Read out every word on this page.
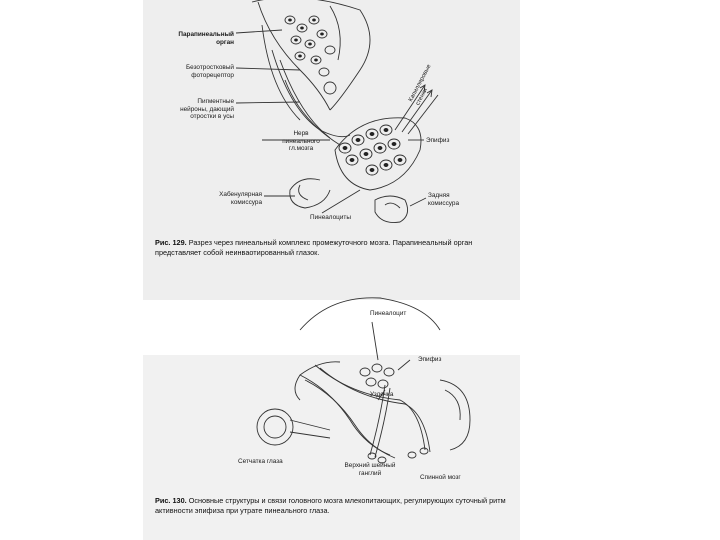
Парапинеальный
орган
Безотростковый
фоторецептор
Пигментные
нейроны, дающий
отростки в усы
Нерв
пинеального
гл.мозга
Хабенулярная
комиссура
Пинеалоциты
Эпифиз
Задняя
комиссура
Капилляровые
стенки
Рис. 129. Разрез через пинеальный комплекс промежуточного мозга. Парапинеальный орган представляет собой неинваотированный глазок.
Пинеалоцит
Эпифиз
Уздечка
Сетчатка глаза
Верхний шейный
ганглий
Спинной мозг
Рис. 130. Основные структуры и связи головного мозга млекопитающих, регулирующих суточный ритм активности эпифиза при утрате пинеального глаза.
